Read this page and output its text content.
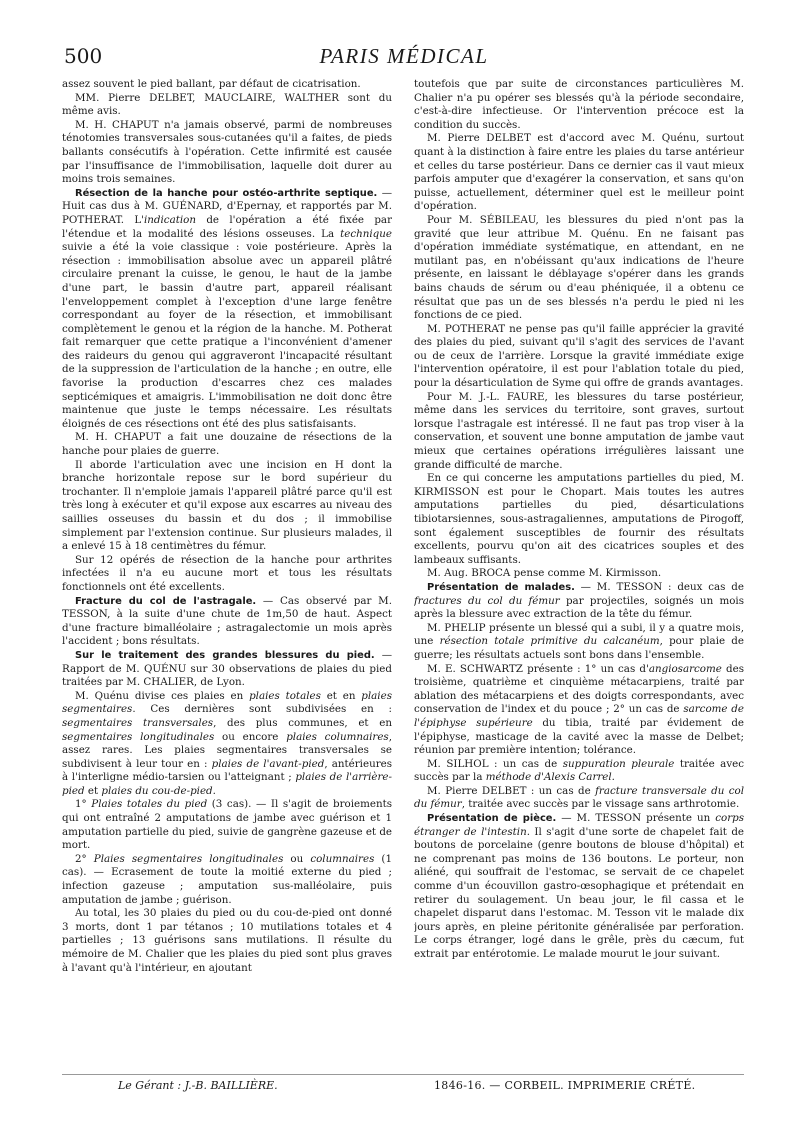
500	PARIS MÉDICAL

assez souvent le pied ballant, par défaut de cicatrisation.

MM. Pierre DELBET, MAUCLAIRE, WALTHER sont du même avis.

M. H. CHAPUT n'a jamais observé, parmi de nombreuses ténotomies transversales sous-cutanées qu'il a faites, de pieds ballants consécutifs à l'opération. Cette infirmité est causée par l'insuffisance de l'immobilisation, laquelle doit durer au moins trois semaines.

Résection de la hanche pour ostéo-arthrite septique. — Huit cas dus à M. GUÉNARD, d'Epernay, et rapportés par M. POTHERAT. L'indication de l'opération a été fixée par l'étendue et la modalité des lésions osseuses. La technique suivie a été la voie classique : voie postérieure. Après la résection : immobilisation absolue avec un appareil plâtré circulaire prenant la cuisse, le genou, le haut de la jambe d'une part, le bassin d'autre part, appareil réalisant l'enveloppement complet à l'exception d'une large fenêtre correspondant au foyer de la résection, et immobilisant complètement le genou et la région de la hanche. M. Potherat fait remarquer que cette pratique a l'inconvénient d'amener des raideurs du genou qui aggraveront l'incapacité résultant de la suppression de l'articulation de la hanche ; en outre, elle favorise la production d'escarres chez ces malades septicémiques et amaigris. L'immobilisation ne doit donc être maintenue que juste le temps nécessaire. Les résultats éloignés de ces résections ont été des plus satisfaisants.

M. H. CHAPUT a fait une douzaine de résections de la hanche pour plaies de guerre.

Il aborde l'articulation avec une incision en H dont la branche horizontale repose sur le bord supérieur du trochanter. Il n'emploie jamais l'appareil plâtré parce qu'il est très long à exécuter et qu'il expose aux escarres au niveau des saillies osseuses du bassin et du dos ; il immobilise simplement par l'extension continue. Sur plusieurs malades, il a enlevé 15 à 18 centimètres du fémur.

Sur 12 opérés de résection de la hanche pour arthrites infectées il n'a eu aucune mort et tous les résultats fonctionnels ont été excellents.

Fracture du col de l'astragale. — Cas observé par M. TESSON, à la suite d'une chute de 1m,50 de haut. Aspect d'une fracture bimalléolaire ; astragalectomie un mois après l'accident ; bons résultats.

Sur le traitement des grandes blessures du pied. — Rapport de M. QUÉNU sur 30 observations de plaies du pied traitées par M. CHALIER, de Lyon.

M. Quénu divise ces plaies en plaies totales et en plaies segmentaires. Ces dernières sont subdivisées en : segmentaires transversales, des plus communes, et en segmentaires longitudinales ou encore plaies columnaires, assez rares. Les plaies segmentaires transversales se subdivisent à leur tour en : plaies de l'avant-pied, antérieures à l'interligne médio-tarsien ou l'atteignant ; plaies de l'arrière-pied et plaies du cou-de-pied.

1° Plaies totales du pied (3 cas). — Il s'agit de broiements qui ont entraîné 2 amputations de jambe avec guérison et 1 amputation partielle du pied, suivie de gangrène gazeuse et de mort.

2° Plaies segmentaires longitudinales ou columnaires (1 cas). — Ecrasement de toute la moitié externe du pied ; infection gazeuse ; amputation sus-malléolaire, puis amputation de jambe ; guérison.

Au total, les 30 plaies du pied ou du cou-de-pied ont donné 3 morts, dont 1 par tétanos ; 10 mutilations totales et 4 partielles ; 13 guérisons sans mutilations. Il résulte du mémoire de M. Chalier que les plaies du pied sont plus graves à l'avant qu'à l'intérieur, en ajoutant

toutefois que par suite de circonstances particulières M. Chalier n'a pu opérer ses blessés qu'à la période secondaire, c'est-à-dire infectieuse. Or l'intervention précoce est la condition du succès.

M. Pierre DELBET est d'accord avec M. Quénu, surtout quant à la distinction à faire entre les plaies du tarse antérieur et celles du tarse postérieur. Dans ce dernier cas il vaut mieux parfois amputer que d'exagérer la conservation, et sans qu'on puisse, actuellement, déterminer quel est le meilleur point d'opération.

Pour M. SÉBILEAU, les blessures du pied n'ont pas la gravité que leur attribue M. Quénu. En ne faisant pas d'opération immédiate systématique, en attendant, en ne mutilant pas, en n'obéissant qu'aux indications de l'heure présente, en laissant le déblayage s'opérer dans les grands bains chauds de sérum ou d'eau phéniquée, il a obtenu ce résultat que pas un de ses blessés n'a perdu le pied ni les fonctions de ce pied.

M. POTHERAT ne pense pas qu'il faille apprécier la gravité des plaies du pied, suivant qu'il s'agit des services de l'avant ou de ceux de l'arrière. Lorsque la gravité immédiate exige l'intervention opératoire, il est pour l'ablation totale du pied, pour la désarticulation de Syme qui offre de grands avantages.

Pour M. J.-L. FAURE, les blessures du tarse postérieur, même dans les services du territoire, sont graves, surtout lorsque l'astragale est intéressé. Il ne faut pas trop viser à la conservation, et souvent une bonne amputation de jambe vaut mieux que certaines opérations irrégulières laissant une grande difficulté de marche.

En ce qui concerne les amputations partielles du pied, M. KIRMISSON est pour le Chopart. Mais toutes les autres amputations partielles du pied, désarticulations tibiotarsiennes, sous-astragaliennes, amputations de Pirogoff, sont également susceptibles de fournir des résultats excellents, pourvu qu'on ait des cicatrices souples et des lambeaux suffisants.

M. Aug. BROCA pense comme M. Kirmisson.

Présentation de malades. — M. TESSON : deux cas de fractures du col du fémur par projectiles, soignés un mois après la blessure avec extraction de la tête du fémur.

M. PHELIP présente un blessé qui a subi, il y a quatre mois, une résection totale primitive du calcanéum, pour plaie de guerre; les résultats actuels sont bons dans l'ensemble.

M. E. SCHWARTZ présente : 1° un cas d'angiosarcome des troisième, quatrième et cinquième métacarpiens, traité par ablation des métacarpiens et des doigts correspondants, avec conservation de l'index et du pouce ; 2° un cas de sarcome de l'épiphyse supérieure du tibia, traité par évidement de l'épiphyse, masticage de la cavité avec la masse de Delbet; réunion par première intention; tolérance.

M. SILHOL : un cas de suppuration pleurale traitée avec succès par la méthode d'Alexis Carrel.

M. Pierre DELBET : un cas de fracture transversale du col du fémur, traitée avec succès par le vissage sans arthrotomie.

Présentation de pièce. — M. TESSON présente un corps étranger de l'intestin. Il s'agit d'une sorte de chapelet fait de boutons de porcelaine (genre boutons de blouse d'hôpital) et ne comprenant pas moins de 136 boutons. Le porteur, non aliéné, qui souffrait de l'estomac, se servait de ce chapelet comme d'un écouvillon gastro-œsophagique et prétendait en retirer du soulagement. Un beau jour, le fil cassa et le chapelet disparut dans l'estomac. M. Tesson vit le malade dix jours après, en pleine péritonite généralisée par perforation. Le corps étranger, logé dans le grêle, près du cæcum, fut extrait par entérotomie. Le malade mourut le jour suivant.

Le Gérant : J.-B. BAILLIÈRE.	1846-16. — CORBEIL. IMPRIMERIE CRÉTÉ.
